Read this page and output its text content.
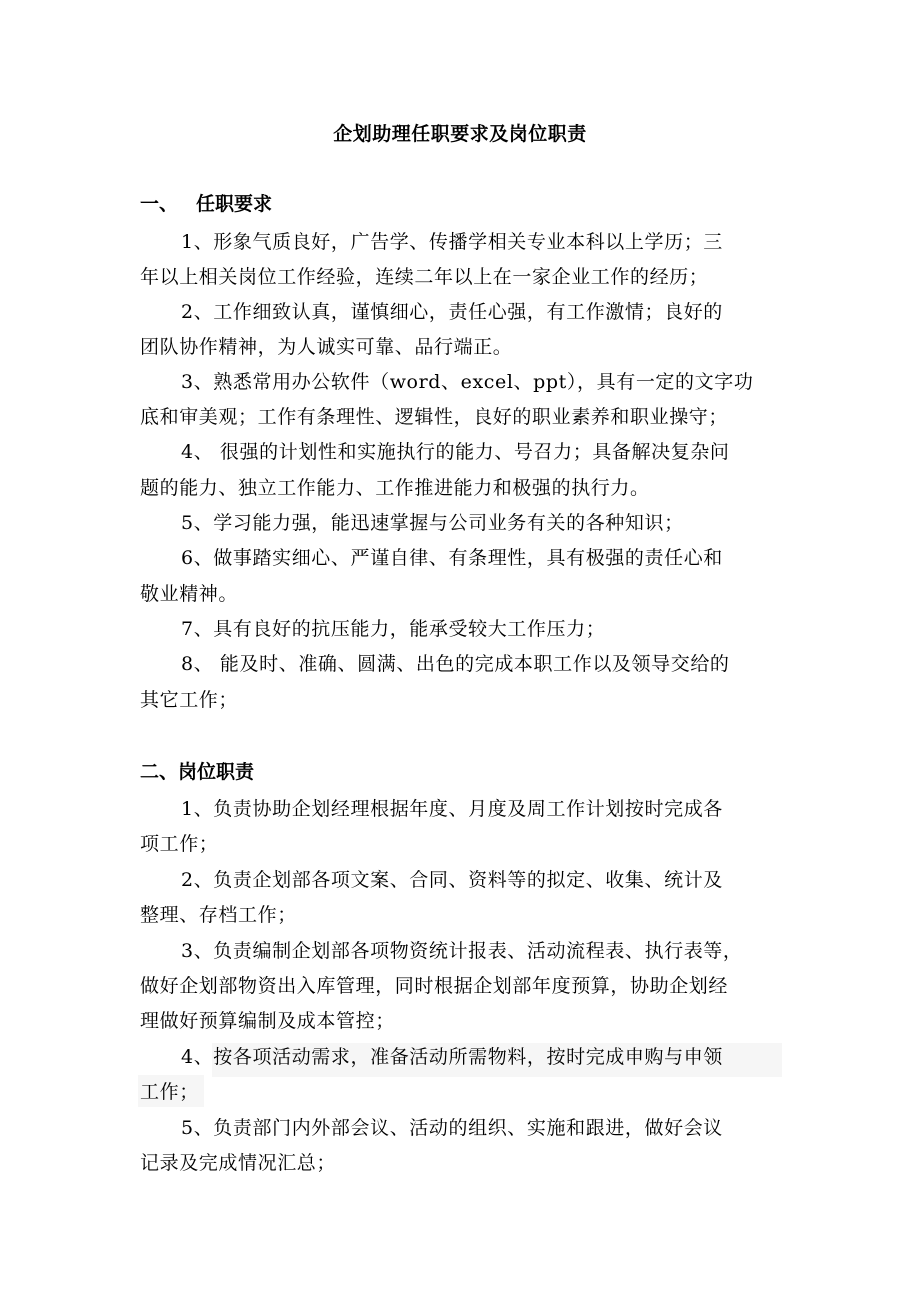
企划助理任职要求及岗位职责
一、 任职要求
1、形象气质良好，广告学、传播学相关专业本科以上学历；三
年以上相关岗位工作经验，连续二年以上在一家企业工作的经历；
2、工作细致认真，谨慎细心，责任心强，有工作激情；良好的
团队协作精神，为人诚实可靠、品行端正。
3、熟悉常用办公软件（word、excel、ppt），具有一定的文字功
底和审美观；工作有条理性、逻辑性，良好的职业素养和职业操守；
4、 很强的计划性和实施执行的能力、号召力；具备解决复杂问
题的能力、独立工作能力、工作推进能力和极强的执行力。
5、学习能力强，能迅速掌握与公司业务有关的各种知识；
6、做事踏实细心、严谨自律、有条理性，具有极强的责任心和
敬业精神。
7、具有良好的抗压能力，能承受较大工作压力；
8、 能及时、准确、圆满、出色的完成本职工作以及领导交给的
其它工作；
二、岗位职责
1、负责协助企划经理根据年度、月度及周工作计划按时完成各
项工作；
2、负责企划部各项文案、合同、资料等的拟定、收集、统计及
整理、存档工作；
3、负责编制企划部各项物资统计报表、活动流程表、执行表等，
做好企划部物资出入库管理，同时根据企划部年度预算，协助企划经
理做好预算编制及成本管控；
4、按各项活动需求，准备活动所需物料，按时完成申购与申领
工作；
5、负责部门内外部会议、活动的组织、实施和跟进，做好会议
记录及完成情况汇总；
